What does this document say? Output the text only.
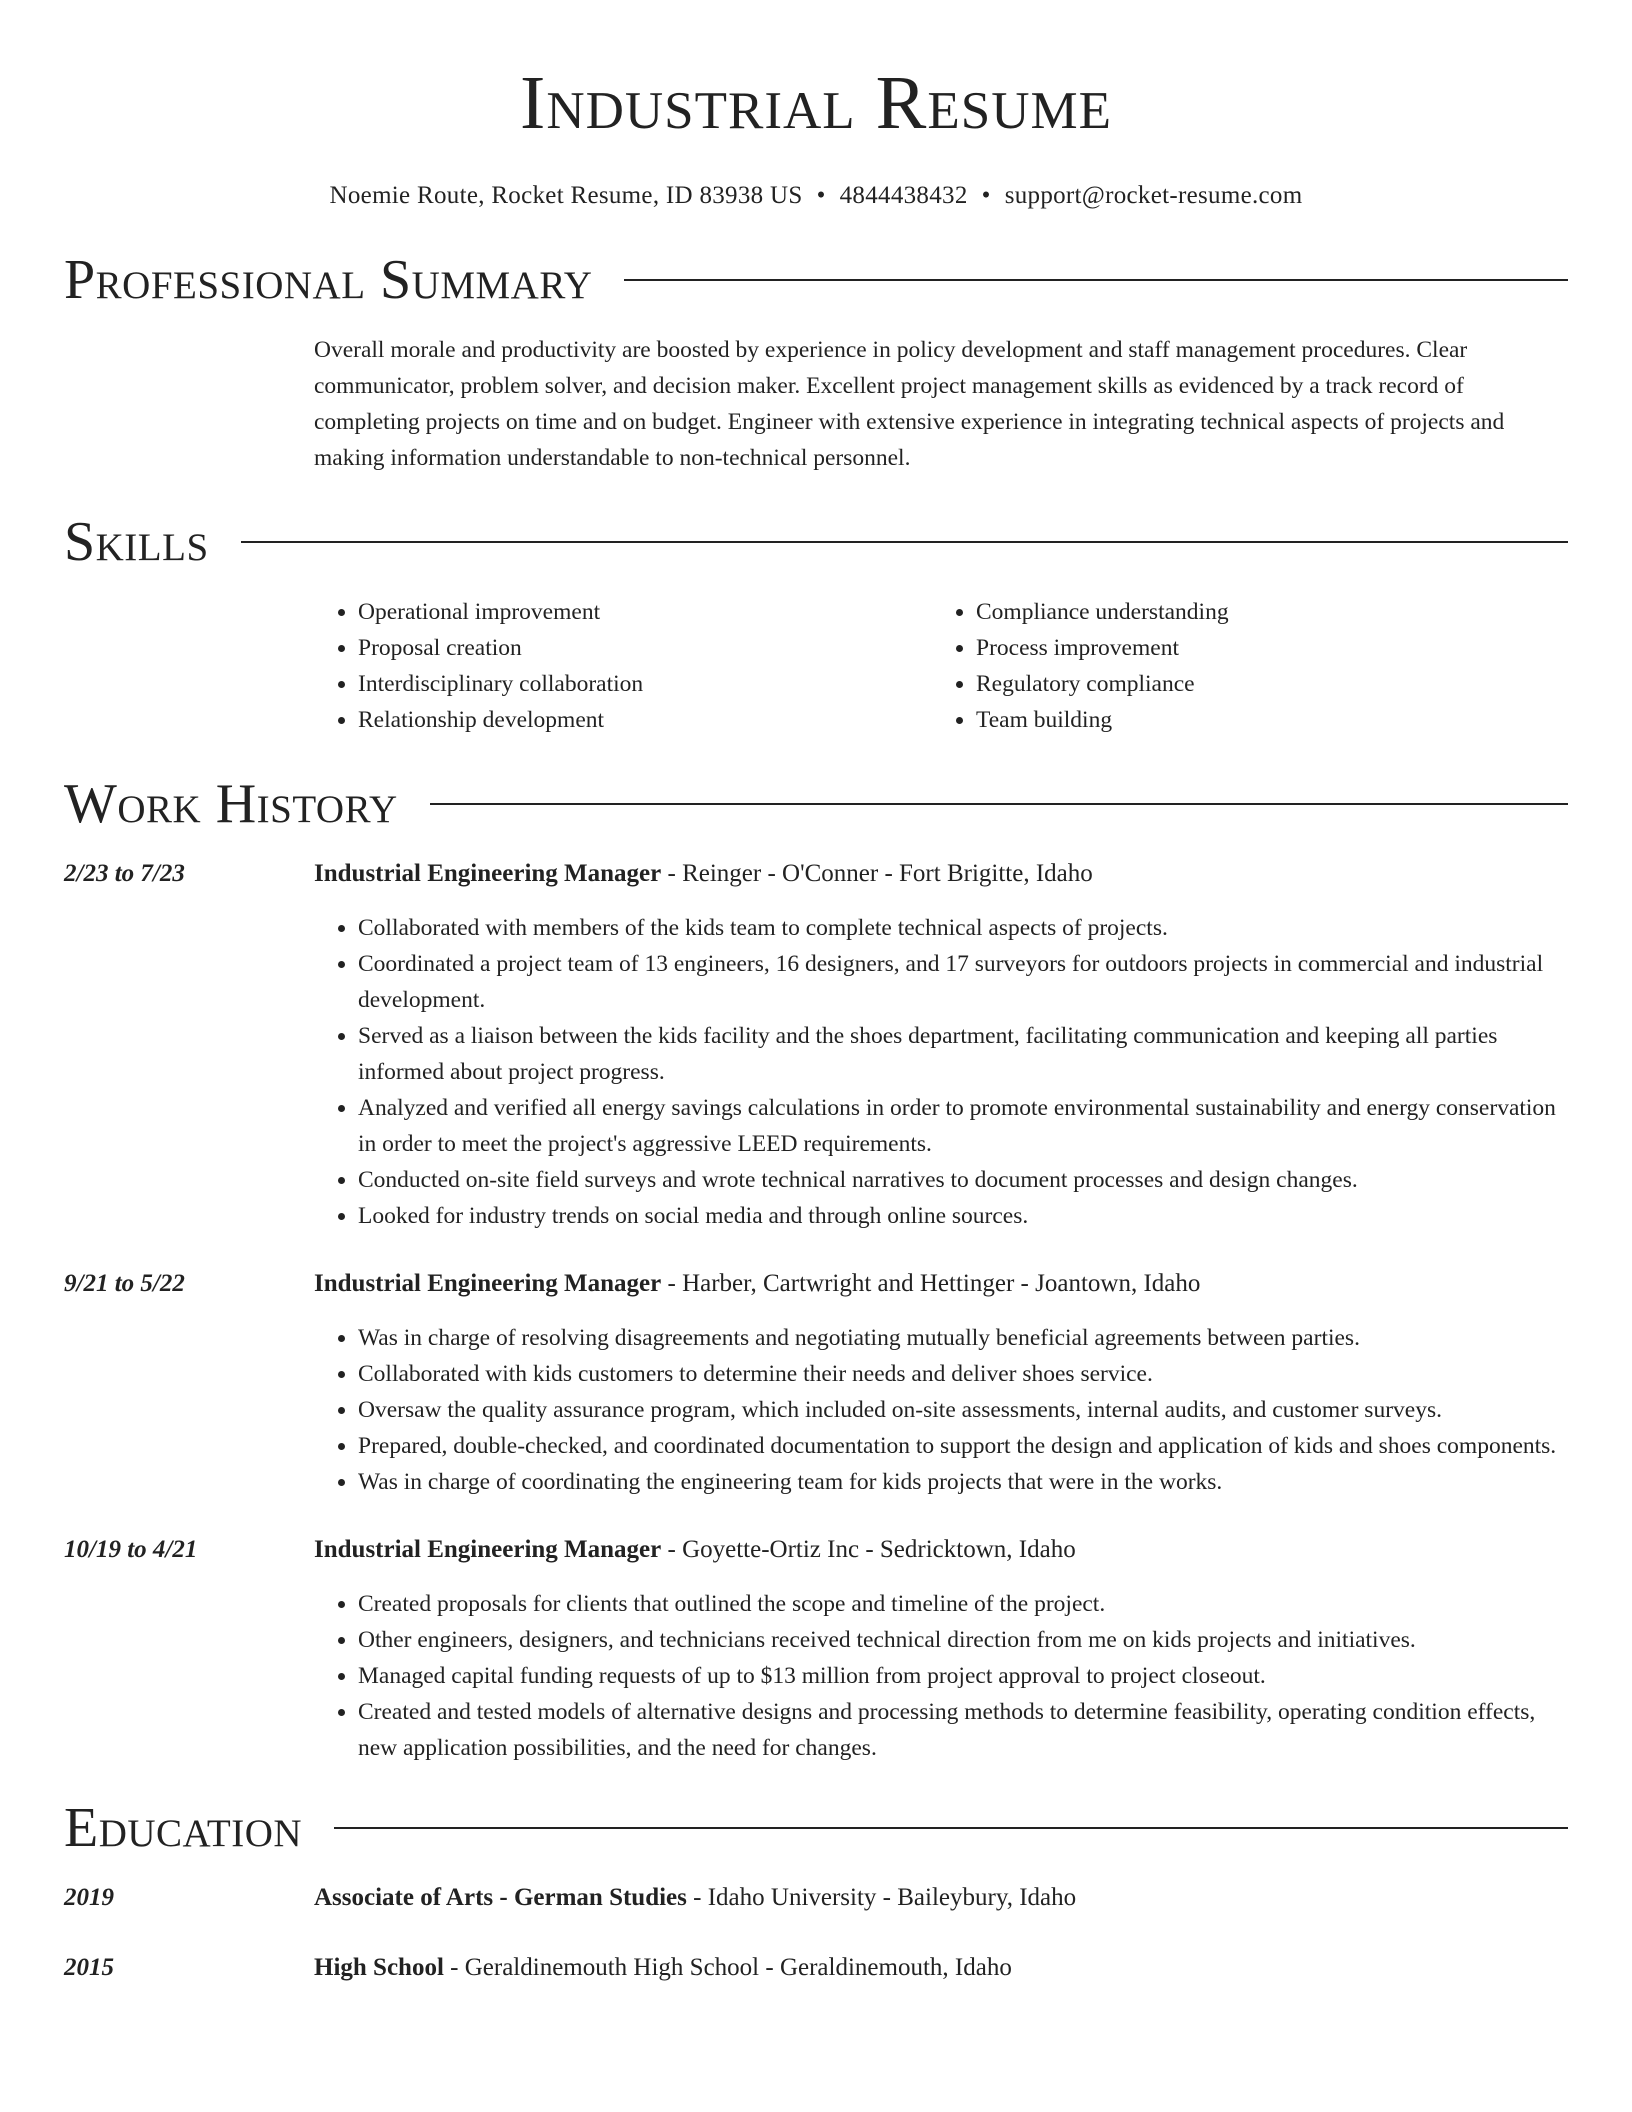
Industrial Resume
Noemie Route, Rocket Resume, ID 83938 US • 4844438432 • support@rocket-resume.com
Professional Summary
Overall morale and productivity are boosted by experience in policy development and staff management procedures. Clear communicator, problem solver, and decision maker. Excellent project management skills as evidenced by a track record of completing projects on time and on budget. Engineer with extensive experience in integrating technical aspects of projects and making information understandable to non-technical personnel.
Skills
• Operational improvement
• Proposal creation
• Interdisciplinary collaboration
• Relationship development
• Compliance understanding
• Process improvement
• Regulatory compliance
• Team building
Work History
2/23 to 7/23	Industrial Engineering Manager - Reinger - O'Conner - Fort Brigitte, Idaho
• Collaborated with members of the kids team to complete technical aspects of projects.
• Coordinated a project team of 13 engineers, 16 designers, and 17 surveyors for outdoors projects in commercial and industrial development.
• Served as a liaison between the kids facility and the shoes department, facilitating communication and keeping all parties informed about project progress.
• Analyzed and verified all energy savings calculations in order to promote environmental sustainability and energy conservation in order to meet the project's aggressive LEED requirements.
• Conducted on-site field surveys and wrote technical narratives to document processes and design changes.
• Looked for industry trends on social media and through online sources.
9/21 to 5/22	Industrial Engineering Manager - Harber, Cartwright and Hettinger - Joantown, Idaho
• Was in charge of resolving disagreements and negotiating mutually beneficial agreements between parties.
• Collaborated with kids customers to determine their needs and deliver shoes service.
• Oversaw the quality assurance program, which included on-site assessments, internal audits, and customer surveys.
• Prepared, double-checked, and coordinated documentation to support the design and application of kids and shoes components.
• Was in charge of coordinating the engineering team for kids projects that were in the works.
10/19 to 4/21	Industrial Engineering Manager - Goyette-Ortiz Inc - Sedricktown, Idaho
• Created proposals for clients that outlined the scope and timeline of the project.
• Other engineers, designers, and technicians received technical direction from me on kids projects and initiatives.
• Managed capital funding requests of up to $13 million from project approval to project closeout.
• Created and tested models of alternative designs and processing methods to determine feasibility, operating condition effects, new application possibilities, and the need for changes.
Education
2019	Associate of Arts - German Studies - Idaho University - Baileybury, Idaho
2015	High School - Geraldinemouth High School - Geraldinemouth, Idaho
